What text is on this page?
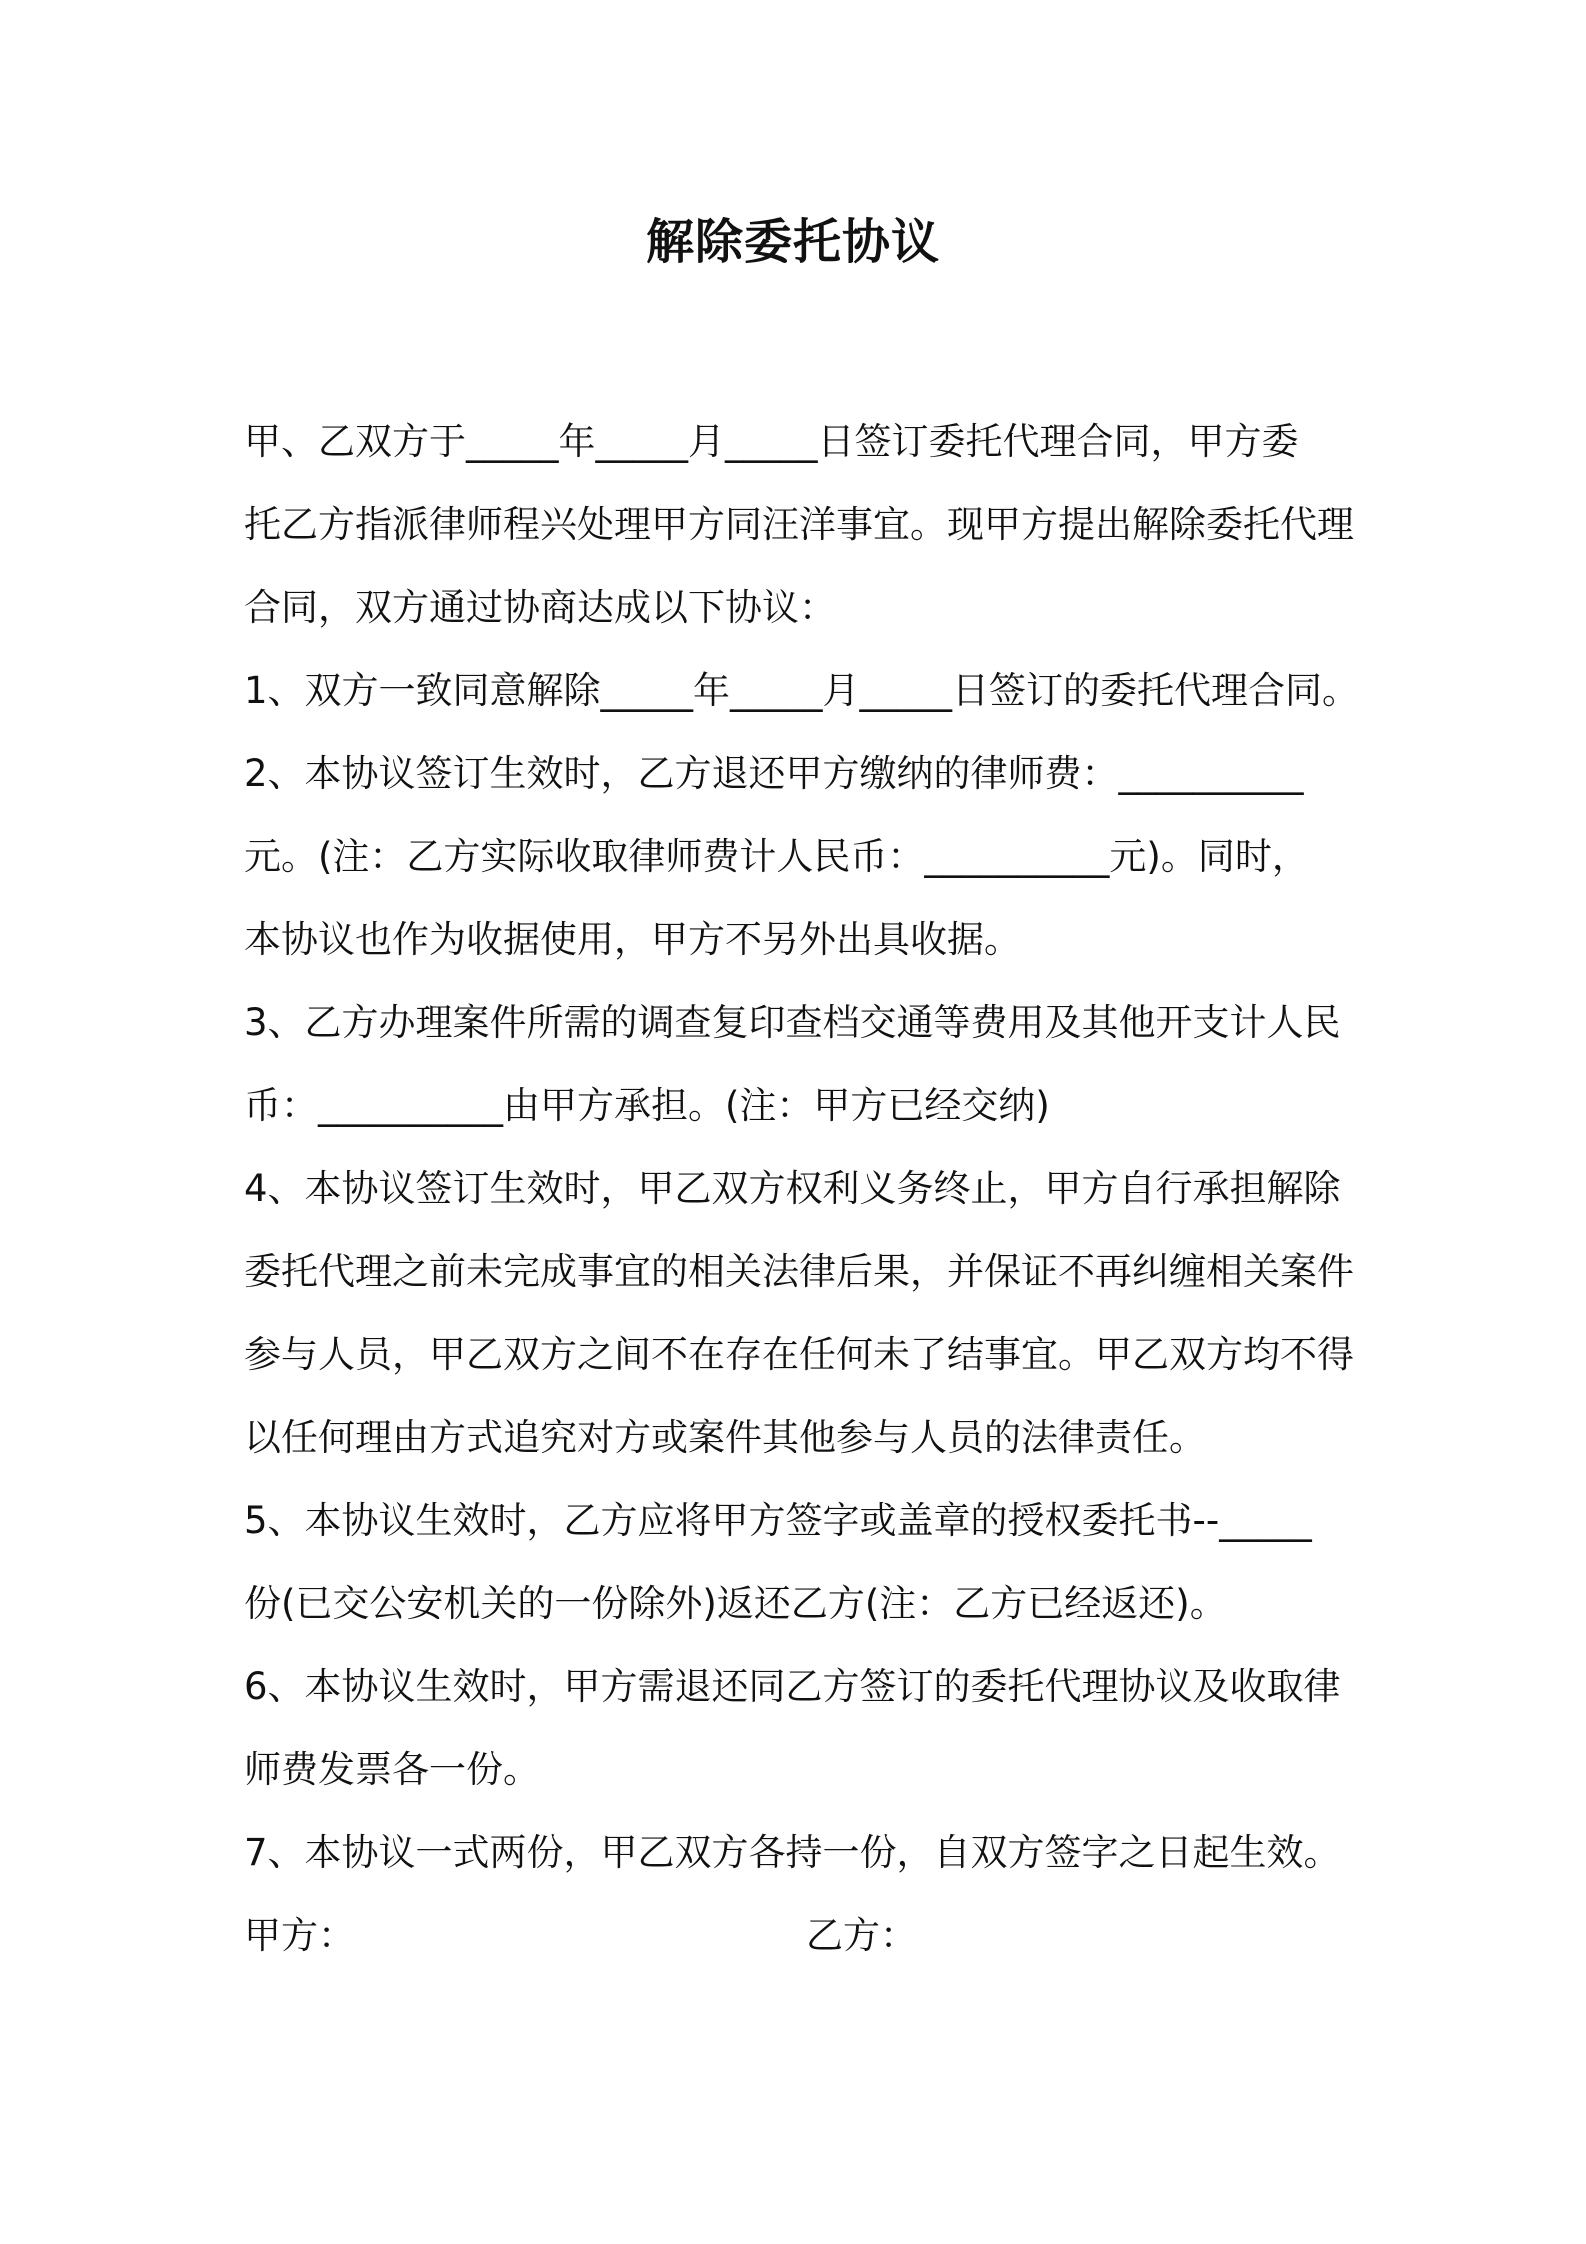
解除委托协议
甲、乙双方于_____年_____月_____日签订委托代理合同，甲方委
托乙方指派律师程兴处理甲方同汪洋事宜。现甲方提出解除委托代理
合同，双方通过协商达成以下协议：
1、双方一致同意解除_____年_____月_____日签订的委托代理合同。
2、本协议签订生效时，乙方退还甲方缴纳的律师费：__________
元。(注：乙方实际收取律师费计人民币：__________元)。同时，
本协议也作为收据使用，甲方不另外出具收据。
3、乙方办理案件所需的调查复印查档交通等费用及其他开支计人民
币：__________由甲方承担。(注：甲方已经交纳)
4、本协议签订生效时，甲乙双方权利义务终止，甲方自行承担解除
委托代理之前未完成事宜的相关法律后果，并保证不再纠缠相关案件
参与人员，甲乙双方之间不在存在任何未了结事宜。甲乙双方均不得
以任何理由方式追究对方或案件其他参与人员的法律责任。
5、本协议生效时，乙方应将甲方签字或盖章的授权委托书--_____
份(已交公安机关的一份除外)返还乙方(注：乙方已经返还)。
6、本协议生效时，甲方需退还同乙方签订的委托代理协议及收取律
师费发票各一份。
7、本协议一式两份，甲乙双方各持一份，自双方签字之日起生效。
甲方：	乙方：
